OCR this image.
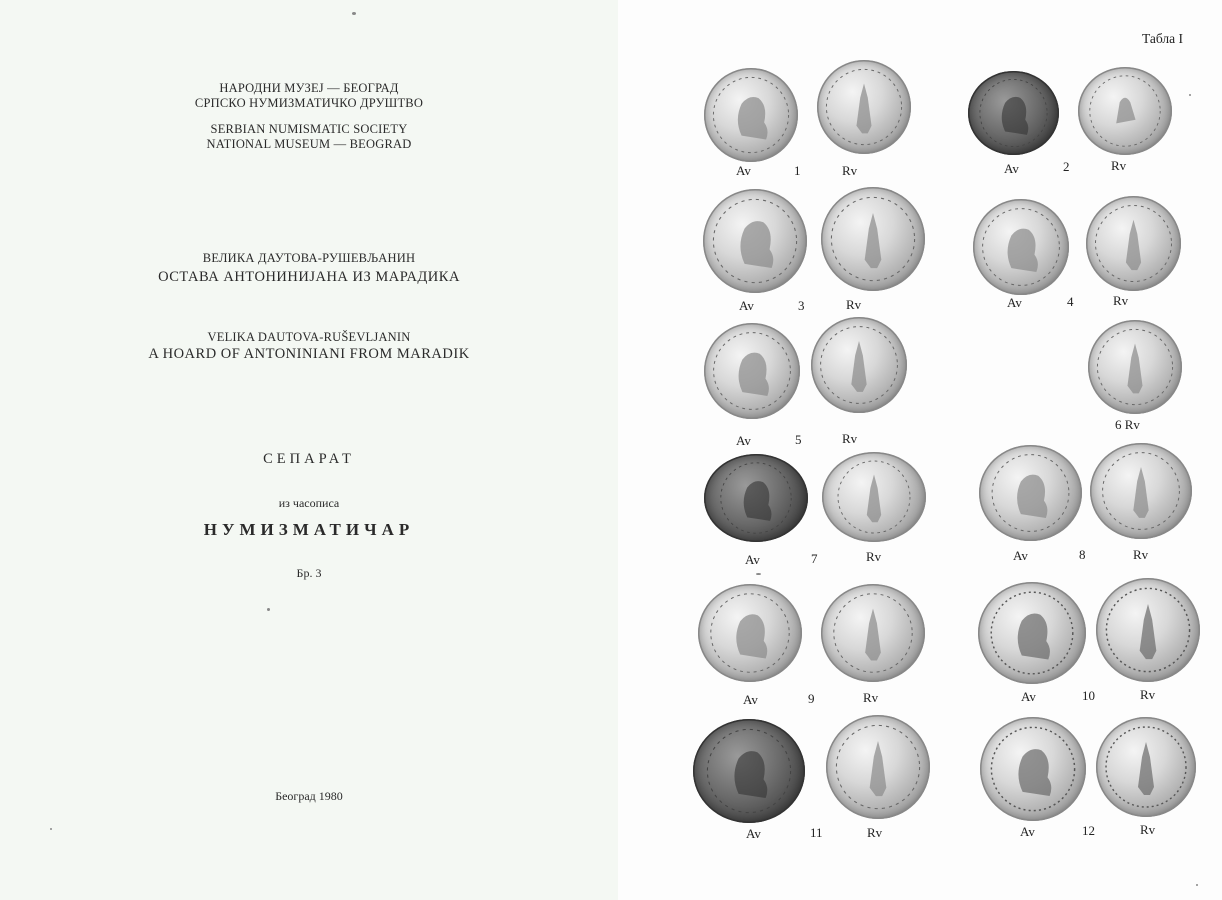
НАРОДНИ МУЗЕЈ — БЕОГРАД
СРПСКО НУМИЗМАТИЧКО ДРУШТВО
SERBIAN NUMISMATIC SOCIETY
NATIONAL MUSEUM — BEOGRAD
ВЕЛИКА ДАУТОВА-РУШЕВЉАНИН
ОСТАВА АНТОНИНИЈАНА ИЗ МАРАДИКА
VELIKA DAUTOVA-RUŠEVLJANIN
A HOARD OF ANTONINIANI FROM MARADIK
СЕПАРАТ
из часописа
НУМИЗМАТИЧАР
Бр. 3
Београд 1980
Табла I
Av	1	Rv	Av	2	Rv
Av	3	Rv	Av	4	Rv
Av	5	Rv
6 Rv
Av	7	Rv	Av	8	Rv
Av	9	Rv	Av	10	Rv
Av	11	Rv	Av	12	Rv
